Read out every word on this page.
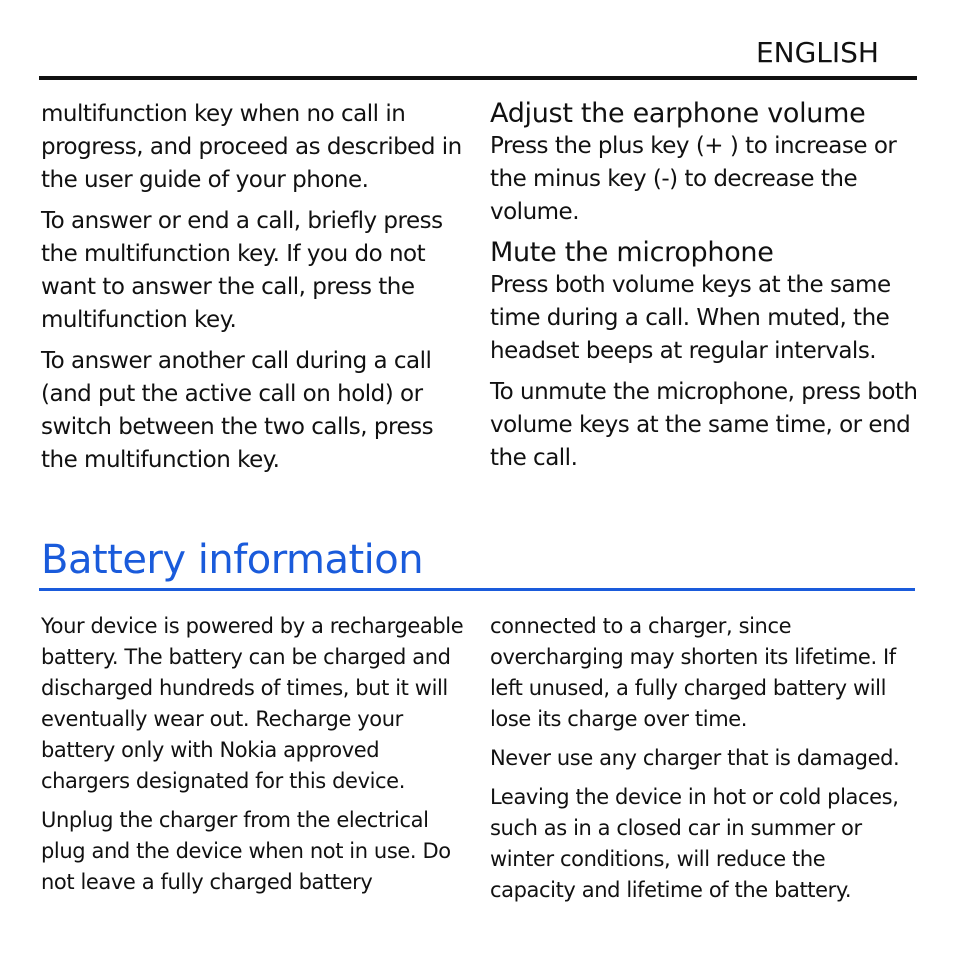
ENGLISH

multifunction key when no call in
progress, and proceed as described in
the user guide of your phone.

To answer or end a call, briefly press
the multifunction key. If you do not
want to answer the call, press the
multifunction key.

To answer another call during a call
(and put the active call on hold) or
switch between the two calls, press
the multifunction key.

Adjust the earphone volume

Press the plus key (+ ) to increase or
the minus key (-) to decrease the
volume.

Mute the microphone

Press both volume keys at the same
time during a call. When muted, the
headset beeps at regular intervals.

To unmute the microphone, press both
volume keys at the same time, or end
the call.

Battery information

Your device is powered by a rechargeable
battery. The battery can be charged and
discharged hundreds of times, but it will
eventually wear out. Recharge your
battery only with Nokia approved
chargers designated for this device.

Unplug the charger from the electrical
plug and the device when not in use. Do
not leave a fully charged battery

connected to a charger, since
overcharging may shorten its lifetime. If
left unused, a fully charged battery will
lose its charge over time.

Never use any charger that is damaged.

Leaving the device in hot or cold places,
such as in a closed car in summer or
winter conditions, will reduce the
capacity and lifetime of the battery.
